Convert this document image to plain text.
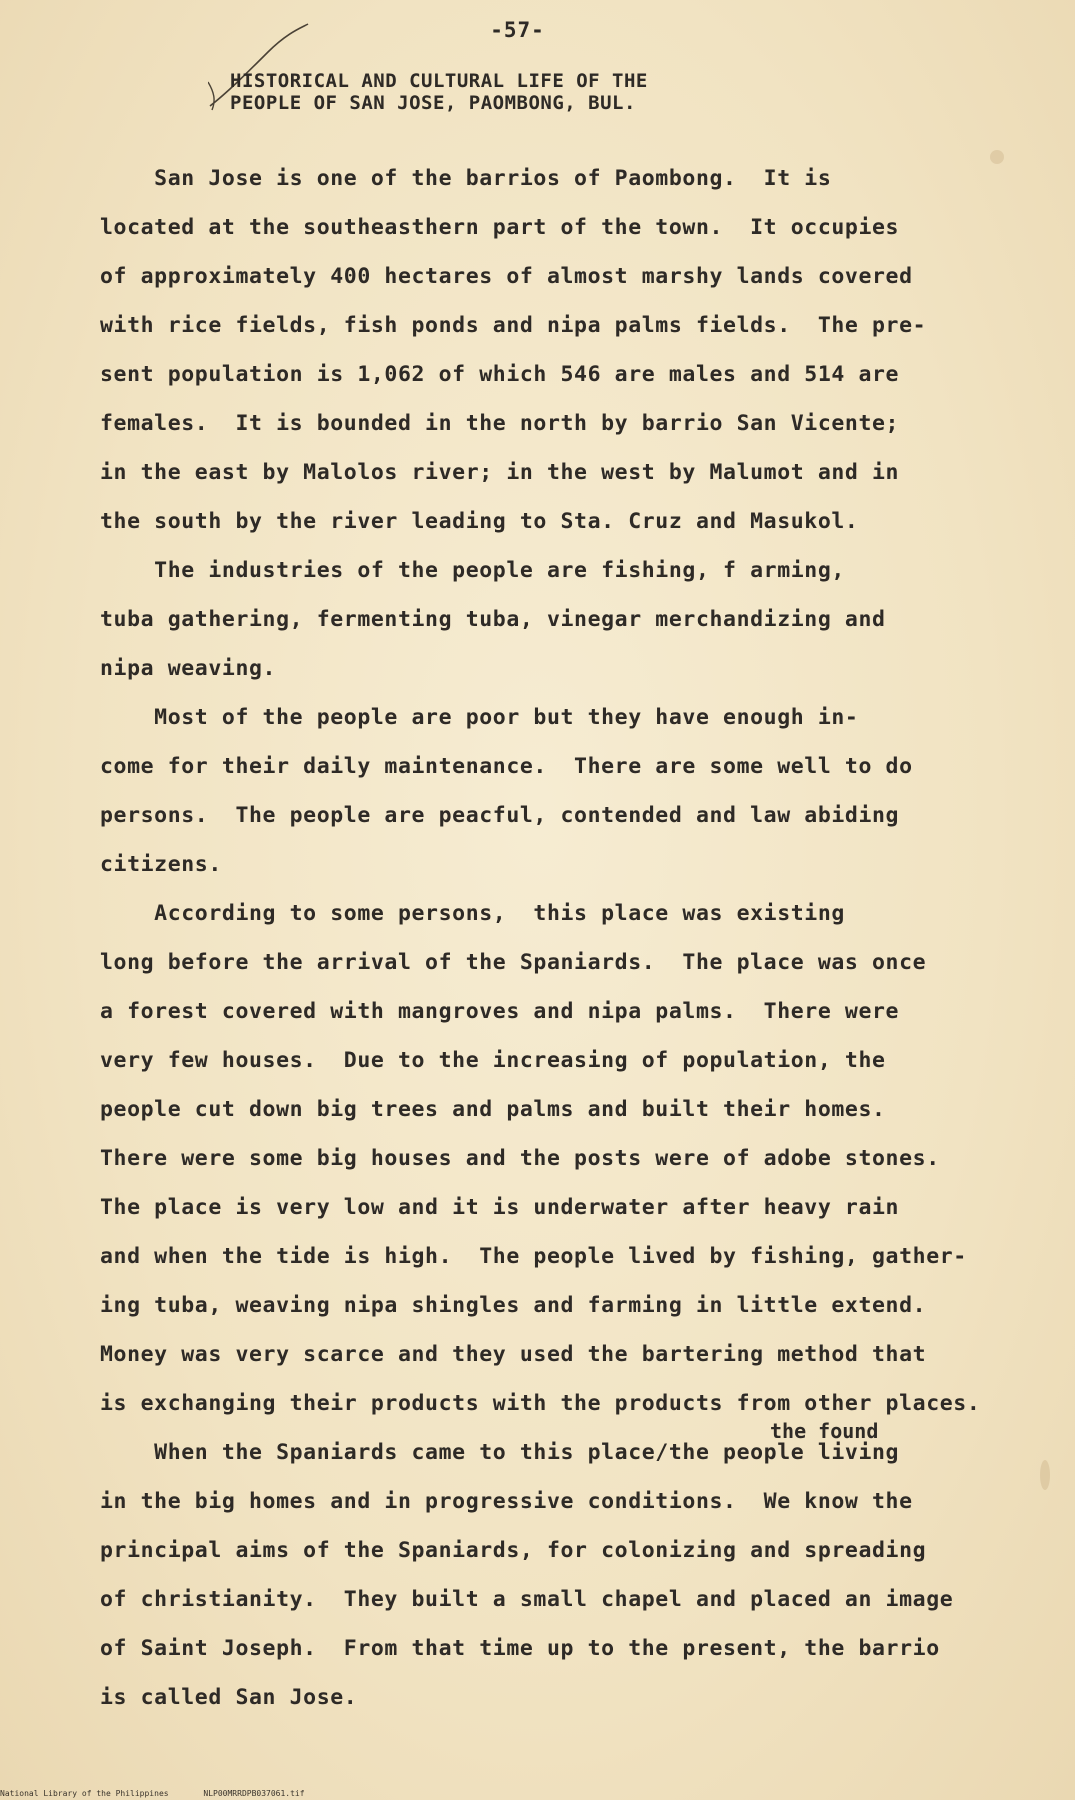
-57-
HISTORICAL AND CULTURAL LIFE OF THE
PEOPLE OF SAN JOSE, PAOMBONG, BUL.
San Jose is one of the barrios of Paombong.  It is
located at the southeasthern part of the town.  It occupies
of approximately 400 hectares of almost marshy lands covered
with rice fields, fish ponds and nipa palms fields.  The pre-
sent population is 1,062 of which 546 are males and 514 are
females.  It is bounded in the north by barrio San Vicente;
in the east by Malolos river; in the west by Malumot and in
the south by the river leading to Sta. Cruz and Masukol.
The industries of the people are fishing, f arming,
tuba gathering, fermenting tuba, vinegar merchandizing and
nipa weaving.
Most of the people are poor but they have enough in-
come for their daily maintenance.  There are some well to do
persons.  The people are peacful, contended and law abiding
citizens.
According to some persons,  this place was existing
long before the arrival of the Spaniards.  The place was once
a forest covered with mangroves and nipa palms.  There were
very few houses.  Due to the increasing of population, the
people cut down big trees and palms and built their homes.
There were some big houses and the posts were of adobe stones.
The place is very low and it is underwater after heavy rain
and when the tide is high.  The people lived by fishing, gather-
ing tuba, weaving nipa shingles and farming in little extend.
Money was very scarce and they used the bartering method that
is exchanging their products with the products from other places.
the found
When the Spaniards came to this place/the people living
in the big homes and in progressive conditions.  We know the
principal aims of the Spaniards, for colonizing and spreading
of christianity.  They built a small chapel and placed an image
of Saint Joseph.  From that time up to the present, the barrio
is called San Jose.
National Library of the Philippines	NLP00MRRDPB037061.tif
